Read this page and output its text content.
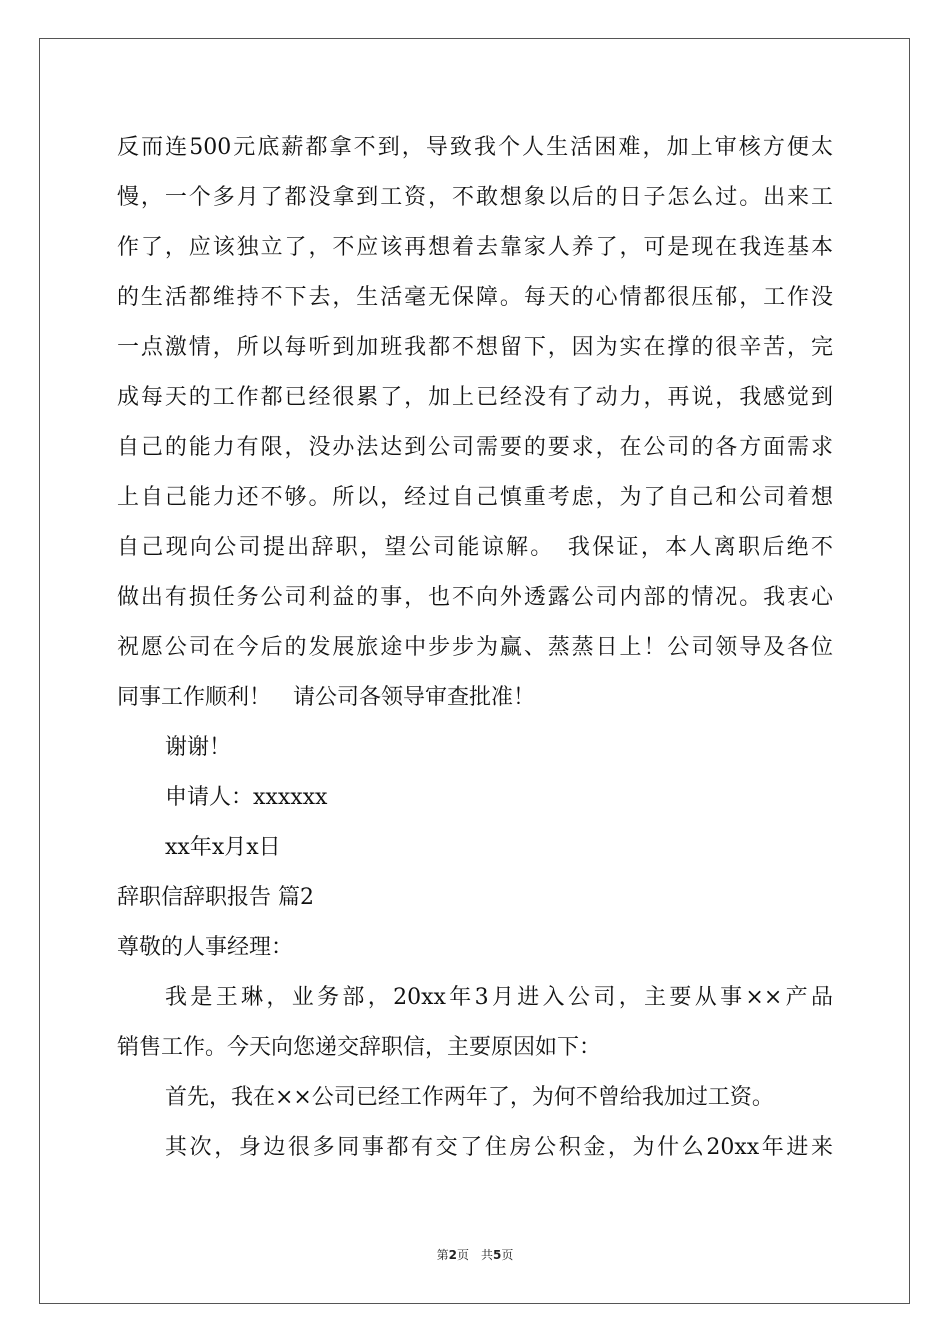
反而连500元底薪都拿不到，导致我个人生活困难，加上审核方便太
慢，一个多月了都没拿到工资，不敢想象以后的日子怎么过。出来工
作了，应该独立了，不应该再想着去靠家人养了，可是现在我连基本
的生活都维持不下去，生活毫无保障。每天的心情都很压郁，工作没
一点激情，所以每听到加班我都不想留下，因为实在撑的很辛苦，完
成每天的工作都已经很累了，加上已经没有了动力，再说，我感觉到
自己的能力有限，没办法达到公司需要的要求，在公司的各方面需求
上自己能力还不够。所以，经过自己慎重考虑，为了自己和公司着想
自己现向公司提出辞职，望公司能谅解。　我保证，本人离职后绝不
做出有损任务公司利益的事，也不向外透露公司内部的情况。我衷心
祝愿公司在今后的发展旅途中步步为赢、蒸蒸日上！公司领导及各位
同事工作顺利！　请公司各领导审查批准！
谢谢！
申请人：xxxxxx
xx年x月x日
辞职信辞职报告 篇2
尊敬的人事经理：
我是王琳，业务部，20xx年3月进入公司，主要从事××产品
销售工作。今天向您递交辞职信，主要原因如下：
首先，我在××公司已经工作两年了，为何不曾给我加过工资。
其次，身边很多同事都有交了住房公积金，为什么20xx年进来
第2页　共5页
